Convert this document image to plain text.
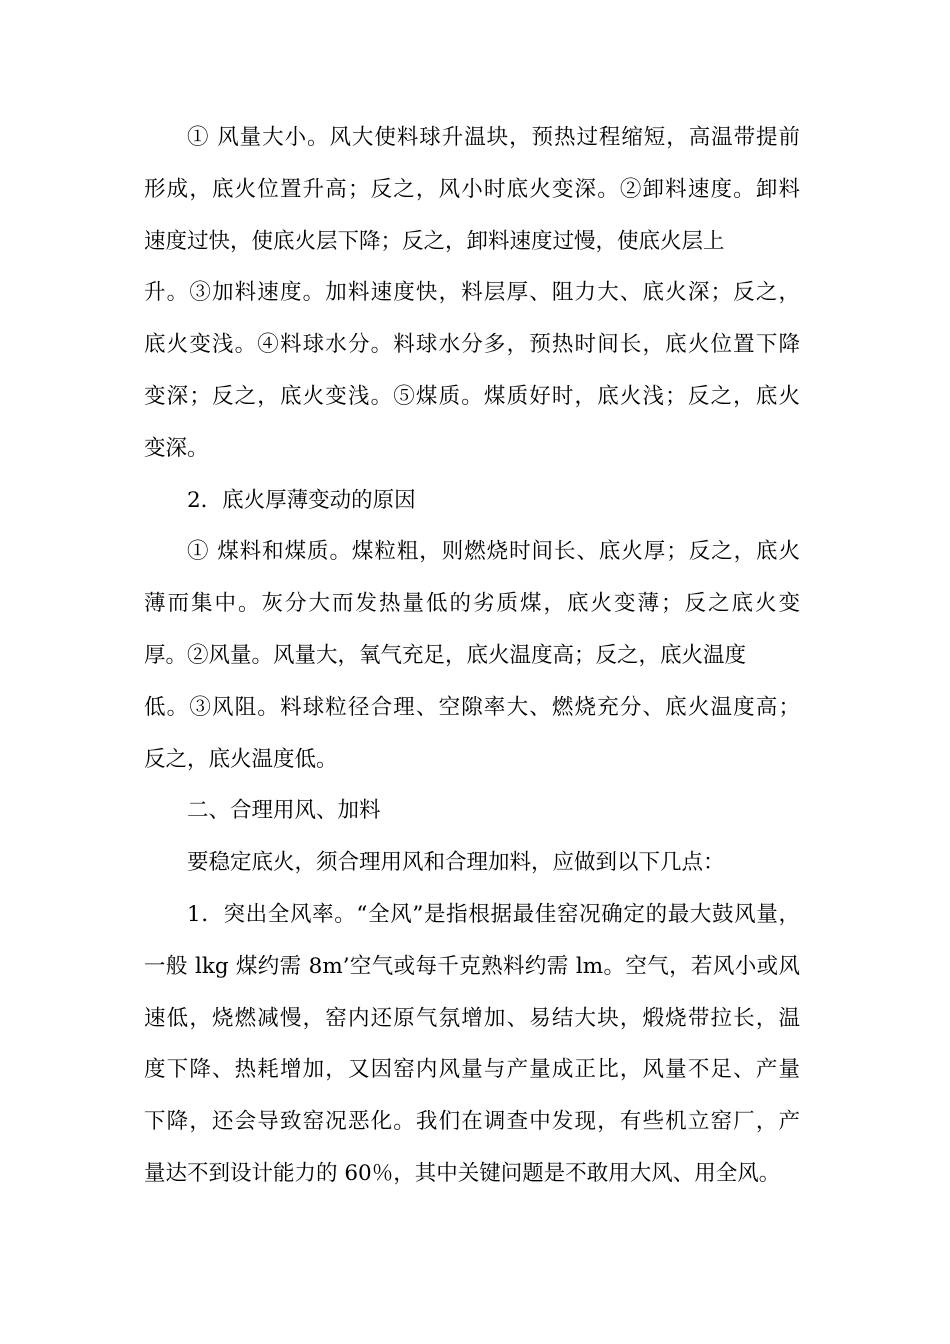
① 风量大小。风大使料球升温块，预热过程缩短，高温带提前
形成，底火位置升高；反之，风小时底火变深。②卸料速度。卸料
速度过快，使底火层下降；反之，卸料速度过慢，使底火层上
升。③加料速度。加料速度快，料层厚、阻力大、底火深；反之，
底火变浅。④料球水分。料球水分多，预热时间长，底火位置下降
变深；反之，底火变浅。⑤煤质。煤质好时，底火浅；反之，底火
变深。
2．底火厚薄变动的原因
① 煤料和煤质。煤粒粗，则燃烧时间长、底火厚；反之，底火
薄而集中。灰分大而发热量低的劣质煤，底火变薄；反之底火变
厚。②风量。风量大，氧气充足，底火温度高；反之，底火温度
低。③风阻。料球粒径合理、空隙率大、燃烧充分、底火温度高；
反之，底火温度低。
二、合理用风、加料
要稳定底火，须合理用风和合理加料，应做到以下几点：
1．突出全风率。“全风”是指根据最佳窑况确定的最大鼓风量，
一般 lkg 煤约需 8m’空气或每千克熟料约需 lm。空气，若风小或风
速低，烧燃减慢，窑内还原气氛增加、易结大块，煅烧带拉长，温
度下降、热耗增加，又因窑内风量与产量成正比，风量不足、产量
下降，还会导致窑况恶化。我们在调查中发现，有些机立窑厂，产
量达不到设计能力的 60％，其中关键问题是不敢用大风、用全风。
